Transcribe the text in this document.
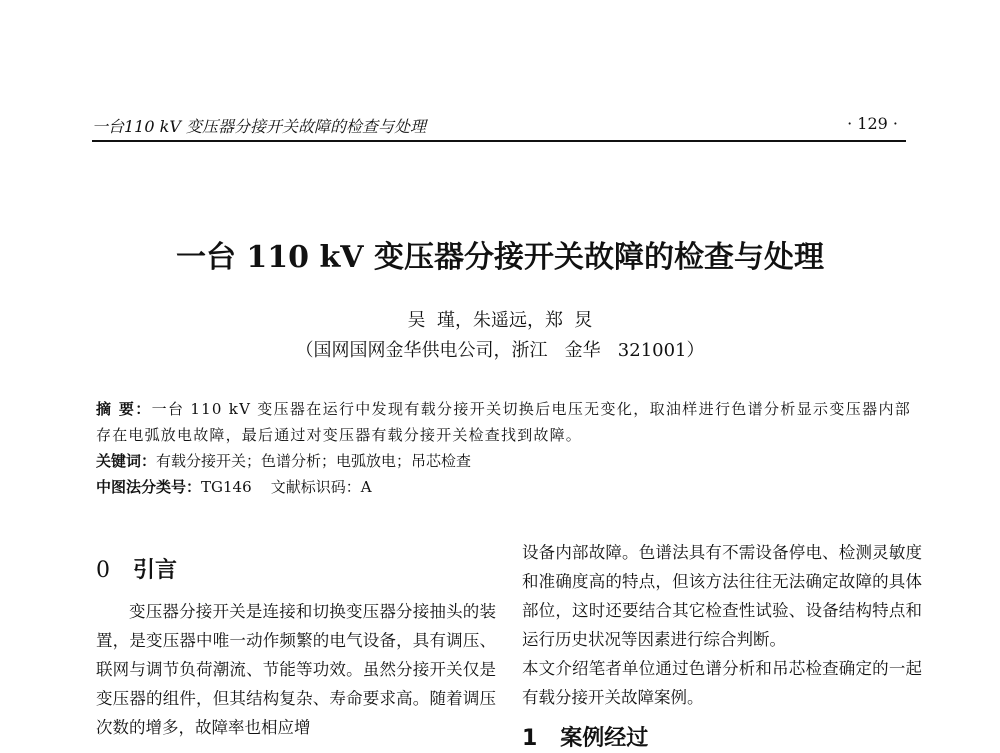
一台110 kV 变压器分接开关故障的检查与处理	· 129 ·
一台 110 kV 变压器分接开关故障的检查与处理
吴  瑾，朱遥远，郑  炅
（国网国网金华供电公司，浙江   金华   321001）
摘 要：一台 110 kV 变压器在运行中发现有载分接开关切换后电压无变化，取油样进行色谱分析显示变压器内部存在电弧放电故障，最后通过对变压器有载分接开关检查找到故障。
关键词：有载分接开关；色谱分析；电弧放电；吊芯检查
中图法分类号：TG146 文献标识码：A
0 引言

变压器分接开关是连接和切换变压器分接抽头的装置，是变压器中唯一动作频繁的电气设备，具有调压、联网与调节负荷潮流、节能等功效。虽然分接开关仅是变压器的组件，但其结构复杂、寿命要求高。随着调压次数的增多，故障率也相应增

设备内部故障。色谱法具有不需设备停电、检测灵敏度和准确度高的特点，但该方法往往无法确定故障的具体部位，这时还要结合其它检查性试验、设备结构特点和运行历史状况等因素进行综合判断。

本文介绍笔者单位通过色谱分析和吊芯检查确定的一起有载分接开关故障案例。

1 案例经过
